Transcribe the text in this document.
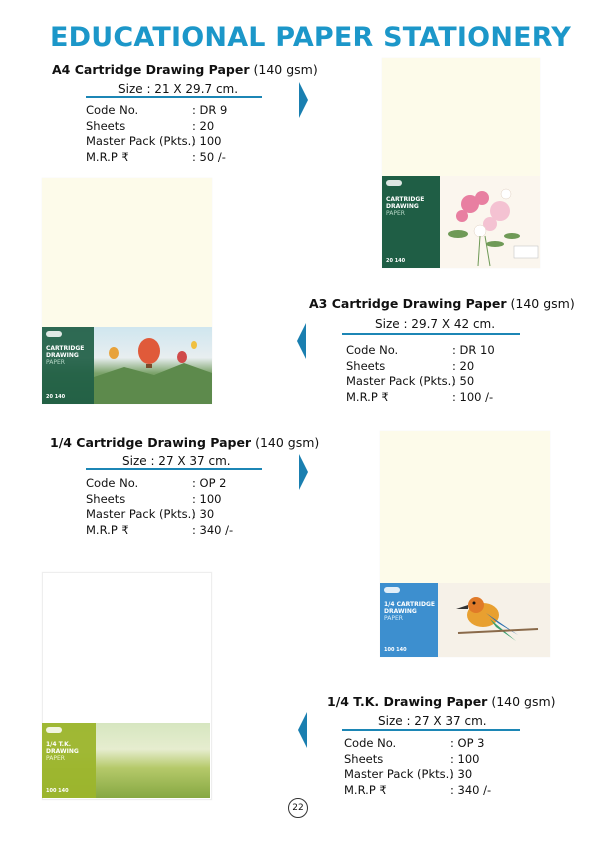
EDUCATIONAL PAPER STATIONERY
A4 Cartridge Drawing Paper (140 gsm)
Size : 21 X 29.7 cm.
Code No.	: DR 9
Sheets	: 20
Master Pack (Pkts.)
: 100
M.R.P ₹	: 50 /-
CARTRIDGE
DRAWING
PAPER
20 140
CARTRIDGE
DRAWING
PAPER
20 140
A3 Cartridge Drawing Paper (140 gsm)
Size : 29.7 X 42 cm.
Code No.	: DR 10
Sheets	: 20
Master Pack (Pkts.)
: 50
M.R.P ₹	: 100 /-
1/4 Cartridge Drawing Paper (140 gsm)
Size : 27 X 37 cm.
Code No.	: OP 2
Sheets	: 100
Master Pack (Pkts.)
: 30
M.R.P ₹	: 340 /-
1/4 CARTRIDGE
DRAWING
PAPER
100 140
1/4 T.K.
DRAWING
PAPER
100 140
1/4 T.K. Drawing Paper (140 gsm)
Size : 27 X 37 cm.
Code No.	: OP 3
Sheets	: 100
Master Pack (Pkts.)
: 30
M.R.P ₹	: 340 /-
22
